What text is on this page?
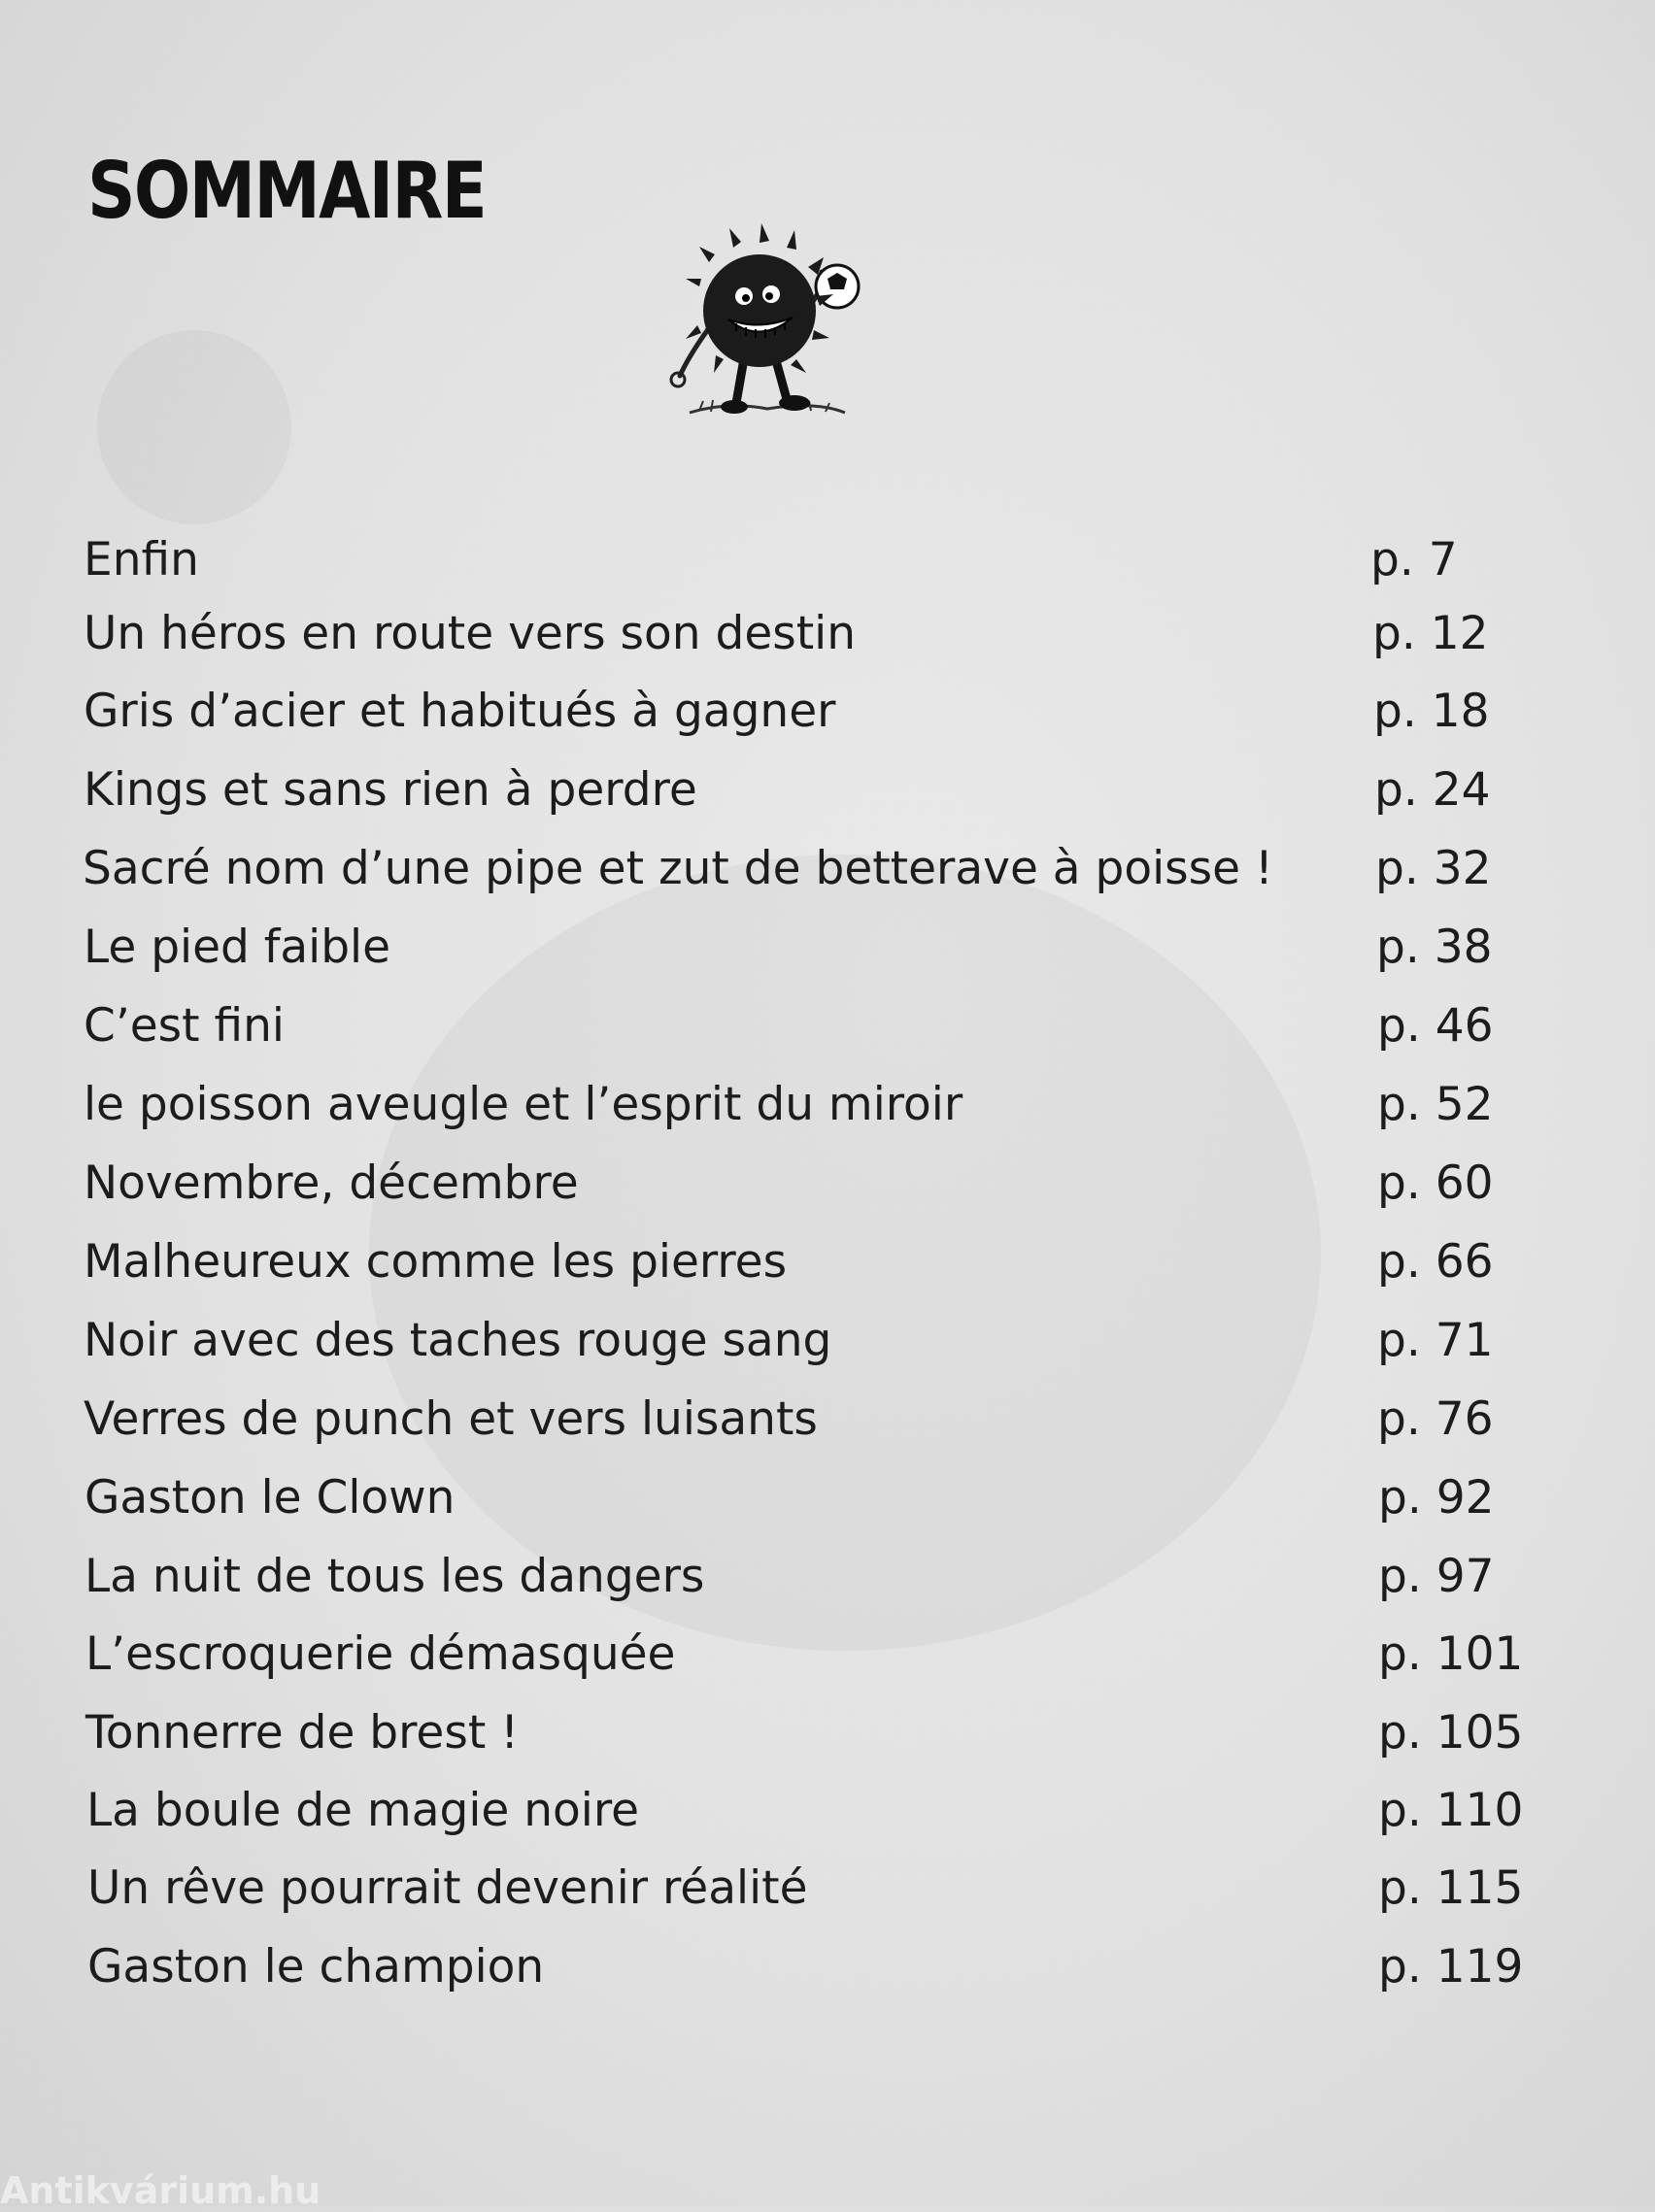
SOMMAIRE
Enfin	p. 7
Un héros en route vers son destin	p. 12
Gris d’acier et habitués à gagner	p. 18
Kings et sans rien à perdre	p. 24
Sacré nom d’une pipe et zut de betterave à poisse ! p. 32
Le pied faible	p. 38
C’est fini	p. 46
le poisson aveugle et l’esprit du miroir	p. 52
Novembre, décembre	p. 60
Malheureux comme les pierres	p. 66
Noir avec des taches rouge sang	p. 71
Verres de punch et vers luisants	p. 76
Gaston le Clown	p. 92
La nuit de tous les dangers	p. 97
L’escroquerie démasquée	p. 101
Tonnerre de brest !	p. 105
La boule de magie noire	p. 110
Un rêve pourrait devenir réalité	p. 115
Gaston le champion	p. 119
Antikvárium.hu
